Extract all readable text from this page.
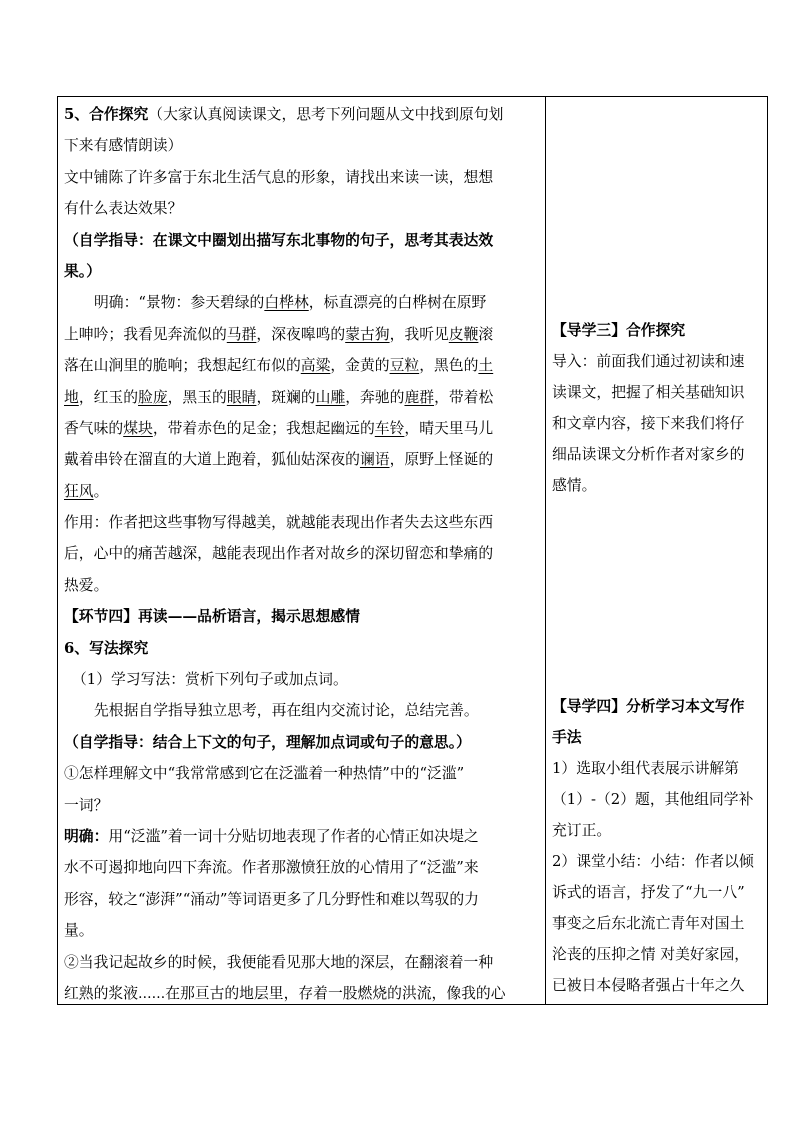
5、合作探究（大家认真阅读课文，思考下列问题从文中找到原句划
下来有感情朗读）
文中铺陈了许多富于东北生活气息的形象，请找出来读一读，想想
有什么表达效果？
（自学指导：在课文中圈划出描写东北事物的句子，思考其表达效
果。）
明确：“景物：参天碧绿的白桦林，标直漂亮的白桦树在原野
上呻吟；我看见奔流似的马群，深夜嗥鸣的蒙古狗，我听见皮鞭滚
落在山涧里的脆响；我想起红布似的高粱，金黄的豆粒，黑色的土
地，红玉的脸庞，黑玉的眼睛，斑斓的山雕，奔驰的鹿群，带着松
香气味的煤块，带着赤色的足金；我想起幽远的车铃，晴天里马儿
戴着串铃在溜直的大道上跑着，狐仙姑深夜的谰语，原野上怪诞的
狂风。
作用：作者把这些事物写得越美，就越能表现出作者失去这些东西
后，心中的痛苦越深，越能表现出作者对故乡的深切留恋和挚痛的
热爱。
【环节四】再读——品析语言，揭示思想感情
6、写法探究
（1）学习写法：赏析下列句子或加点词。
先根据自学指导独立思考，再在组内交流讨论，总结完善。
（自学指导：结合上下文的句子，理解加点词或句子的意思。）
①怎样理解文中“我常常感到它在泛滥着一种热情”中的“泛滥”
一词？
明确：用“泛滥”着一词十分贴切地表现了作者的心情正如决堤之
水不可遏抑地向四下奔流。作者那激愤狂放的心情用了“泛滥”来
形容，较之“澎湃”“涌动”等词语更多了几分野性和难以驾驭的力
量。
②当我记起故乡的时候，我便能看见那大地的深层，在翻滚着一种
红熟的浆液……在那亘古的地层里，存着一股燃烧的洪流，像我的心
【导学三】合作探究
导入：前面我们通过初读和速
读课文，把握了相关基础知识
和文章内容，接下来我们将仔
细品读课文分析作者对家乡的
感情。
【导学四】分析学习本文写作
手法
1）选取小组代表展示讲解第
（1）-（2）题，其他组同学补
充订正。
2）课堂小结：小结：作者以倾
诉式的语言，抒发了“九一八”
事变之后东北流亡青年对国土
沦丧的压抑之情 对美好家园，
已被日本侵略者强占十年之久
